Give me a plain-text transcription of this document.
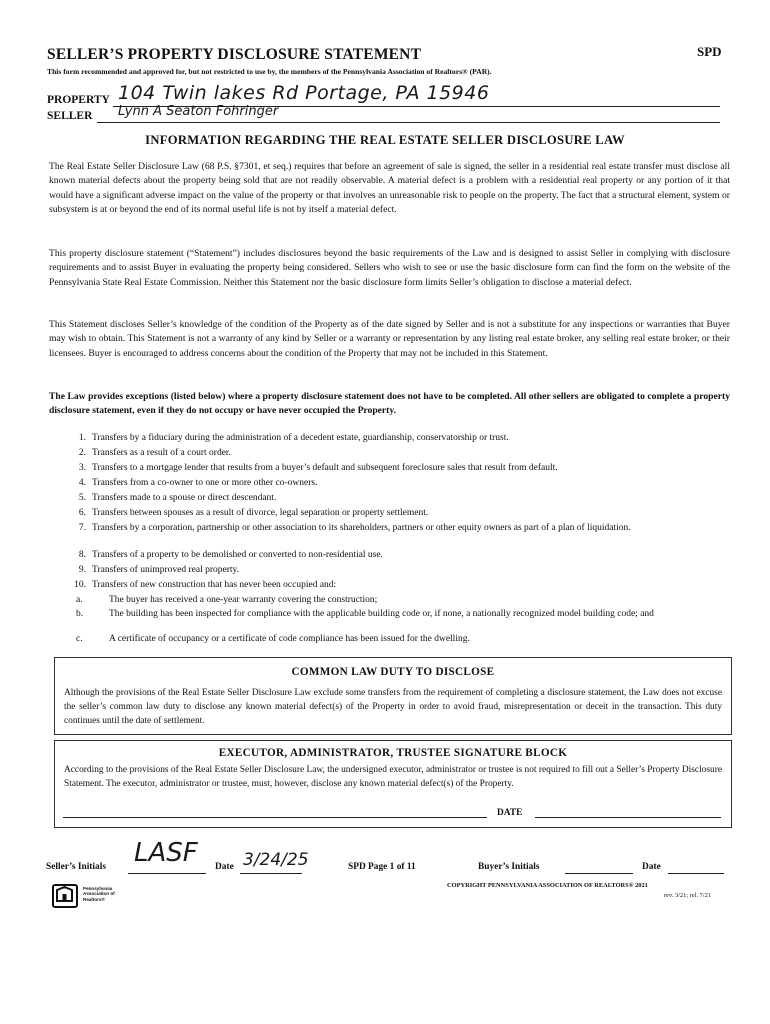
SELLER’S PROPERTY DISCLOSURE STATEMENT	SPD
This form recommended and approved for, but not restricted to use by, the members of the Pennsylvania Association of Realtors® (PAR).
PROPERTY 104 Twin lakes Rd Portage, PA 15946
SELLER Lynn A Seaton Fohringer
INFORMATION REGARDING THE REAL ESTATE SELLER DISCLOSURE LAW
The Real Estate Seller Disclosure Law (68 P.S. §7301, et seq.) requires that before an agreement of sale is signed, the seller in a residential real estate transfer must disclose all known material defects about the property being sold that are not readily observable. A material defect is a problem with a residential real property or any portion of it that would have a significant adverse impact on the value of the property or that involves an unreasonable risk to people on the property. The fact that a structural element, system or subsystem is at or beyond the end of its normal useful life is not by itself a material defect.
This property disclosure statement (“Statement”) includes disclosures beyond the basic requirements of the Law and is designed to assist Seller in complying with disclosure requirements and to assist Buyer in evaluating the property being considered. Sellers who wish to see or use the basic disclosure form can find the form on the website of the Pennsylvania State Real Estate Commission. Neither this Statement nor the basic disclosure form limits Seller’s obligation to disclose a material defect.
This Statement discloses Seller’s knowledge of the condition of the Property as of the date signed by Seller and is not a substitute for any inspections or warranties that Buyer may wish to obtain. This Statement is not a warranty of any kind by Seller or a warranty or representation by any listing real estate broker, any selling real estate broker, or their licensees. Buyer is encouraged to address concerns about the condition of the Property that may not be included in this Statement.
The Law provides exceptions (listed below) where a property disclosure statement does not have to be completed. All other sellers are obligated to complete a property disclosure statement, even if they do not occupy or have never occupied the Property.
1. Transfers by a fiduciary during the administration of a decedent estate, guardianship, conservatorship or trust.
2. Transfers as a result of a court order.
3. Transfers to a mortgage lender that results from a buyer’s default and subsequent foreclosure sales that result from default.
4. Transfers from a co-owner to one or more other co-owners.
5. Transfers made to a spouse or direct descendant.
6. Transfers between spouses as a result of divorce, legal separation or property settlement.
7. Transfers by a corporation, partnership or other association to its shareholders, partners or other equity owners as part of a plan of liquidation.
8. Transfers of a property to be demolished or converted to non-residential use.
9. Transfers of unimproved real property.
10. Transfers of new construction that has never been occupied and:
a.	The buyer has received a one-year warranty covering the construction;
b.	The building has been inspected for compliance with the applicable building code or, if none, a nationally recognized model building code; and
c.	A certificate of occupancy or a certificate of code compliance has been issued for the dwelling.
COMMON LAW DUTY TO DISCLOSE
Although the provisions of the Real Estate Seller Disclosure Law exclude some transfers from the requirement of completing a disclosure statement, the Law does not excuse the seller’s common law duty to disclose any known material defect(s) of the Property in order to avoid fraud, misrepresentation or deceit in the transaction. This duty continues until the date of settlement.
EXECUTOR, ADMINISTRATOR, TRUSTEE SIGNATURE BLOCK
According to the provisions of the Real Estate Seller Disclosure Law, the undersigned executor, administrator or trustee is not required to fill out a Seller’s Property Disclosure Statement. The executor, administrator or trustee, must, however, disclose any known material defect(s) of the Property.
DATE
Seller’s Initials LASF Date 3/24/25	SPD Page 1 of 11	Buyer’s Initials	Date
COPYRIGHT PENNSYLVANIA ASSOCIATION OF REALTORS® 2021
rev. 3/21; rel. 7/21
Pennsylvania Association of Realtors®
